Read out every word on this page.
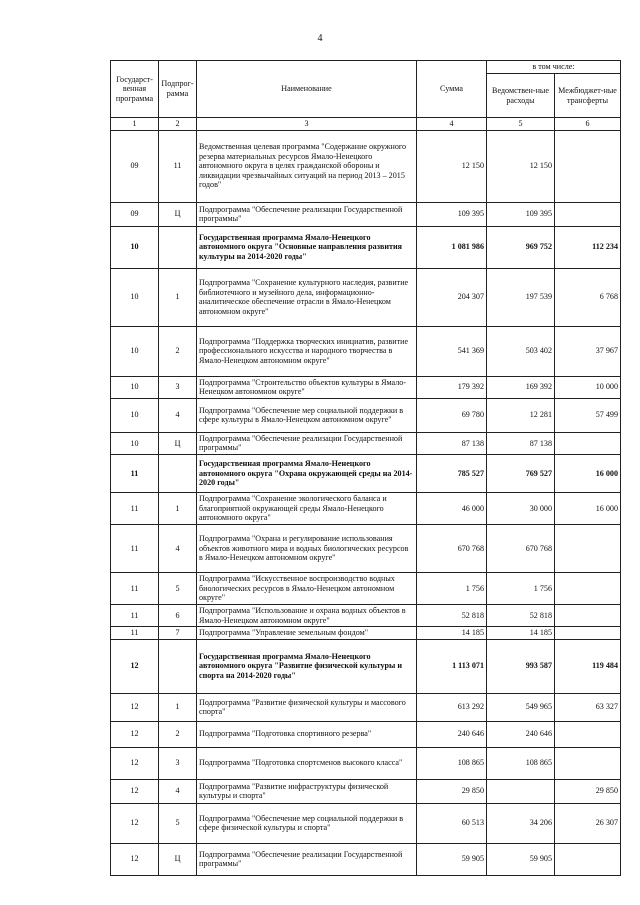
4
Государст-венная программа	Подпрог-рамма	Наименование	Сумма	в том числе:	
				Ведомствен-ные расходы	Межбюджет-ные трансферты
1	2	3	4	5	6
09	11	Ведомственная целевая программа "Содержание окружного резерва материальных ресурсов Ямало-Ненецкого автономного округа в целях гражданской обороны и ликвидации чрезвычайных ситуаций на период 2013 – 2015 годов"	12 150	12 150	
09	Ц	Подпрограмма "Обеспечение реализации Государственной программы"	109 395	109 395	
10		Государственная программа Ямало-Ненецкого автономного округа "Основные направления развития культуры на 2014-2020 годы"	1 081 986	969 752	112 234
10	1	Подпрограмма "Сохранение культурного наследия, развитие библиотечного и музейного дела, информационно-аналитическое обеспечение отрасли в Ямало-Ненецком автономном округе"	204 307	197 539	6 768
10	2	Подпрограмма "Поддержка творческих инициатив, развитие профессионального искусства и народного творчества в Ямало-Ненецком автономном округе"	541 369	503 402	37 967
10	3	Подпрограмма "Строительство объектов культуры в Ямало-Ненецком автономном округе"	179 392	169 392	10 000
10	4	Подпрограмма "Обеспечение мер социальной поддержки в сфере культуры в Ямало-Ненецком автономном округе"	69 780	12 281	57 499
10	Ц	Подпрограмма "Обеспечение реализации Государственной программы"	87 138	87 138	
11		Государственная программа Ямало-Ненецкого автономного округа "Охрана окружающей среды на 2014-2020 годы"	785 527	769 527	16 000
11	1	Подпрограмма "Сохранение экологического баланса и благоприятной окружающей среды Ямало-Ненецкого автономного округа"	46 000	30 000	16 000
11	4	Подпрограмма "Охрана и регулирование использования объектов животного мира и водных биологических ресурсов в Ямало-Ненецком автономном округе"	670 768	670 768	
11	5	Подпрограмма "Искусственное воспроизводство водных биологических ресурсов в Ямало-Ненецком автономном округе"	1 756	1 756	
11	6	Подпрограмма "Использование и охрана водных объектов в Ямало-Ненецком автономном округе"	52 818	52 818	
11	7	Подпрограмма "Управление земельным фондом"	14 185	14 185	
12		Государственная программа Ямало-Ненецкого автономного округа "Развитие физической культуры и спорта на 2014-2020 годы"	1 113 071	993 587	119 484
12	1	Подпрограмма "Развитие физической культуры и массового спорта"	613 292	549 965	63 327
12	2	Подпрограмма "Подготовка спортивного резерва"	240 646	240 646	
12	3	Подпрограмма "Подготовка спортсменов высокого класса"	108 865	108 865	
12	4	Подпрограмма "Развитие инфраструктуры физической культуры и спорта"	29 850		29 850
12	5	Подпрограмма "Обеспечение мер социальной поддержки в сфере физической культуры и спорта"	60 513	34 206	26 307
12	Ц	Подпрограмма "Обеспечение реализации Государственной программы"	59 905	59 905	
